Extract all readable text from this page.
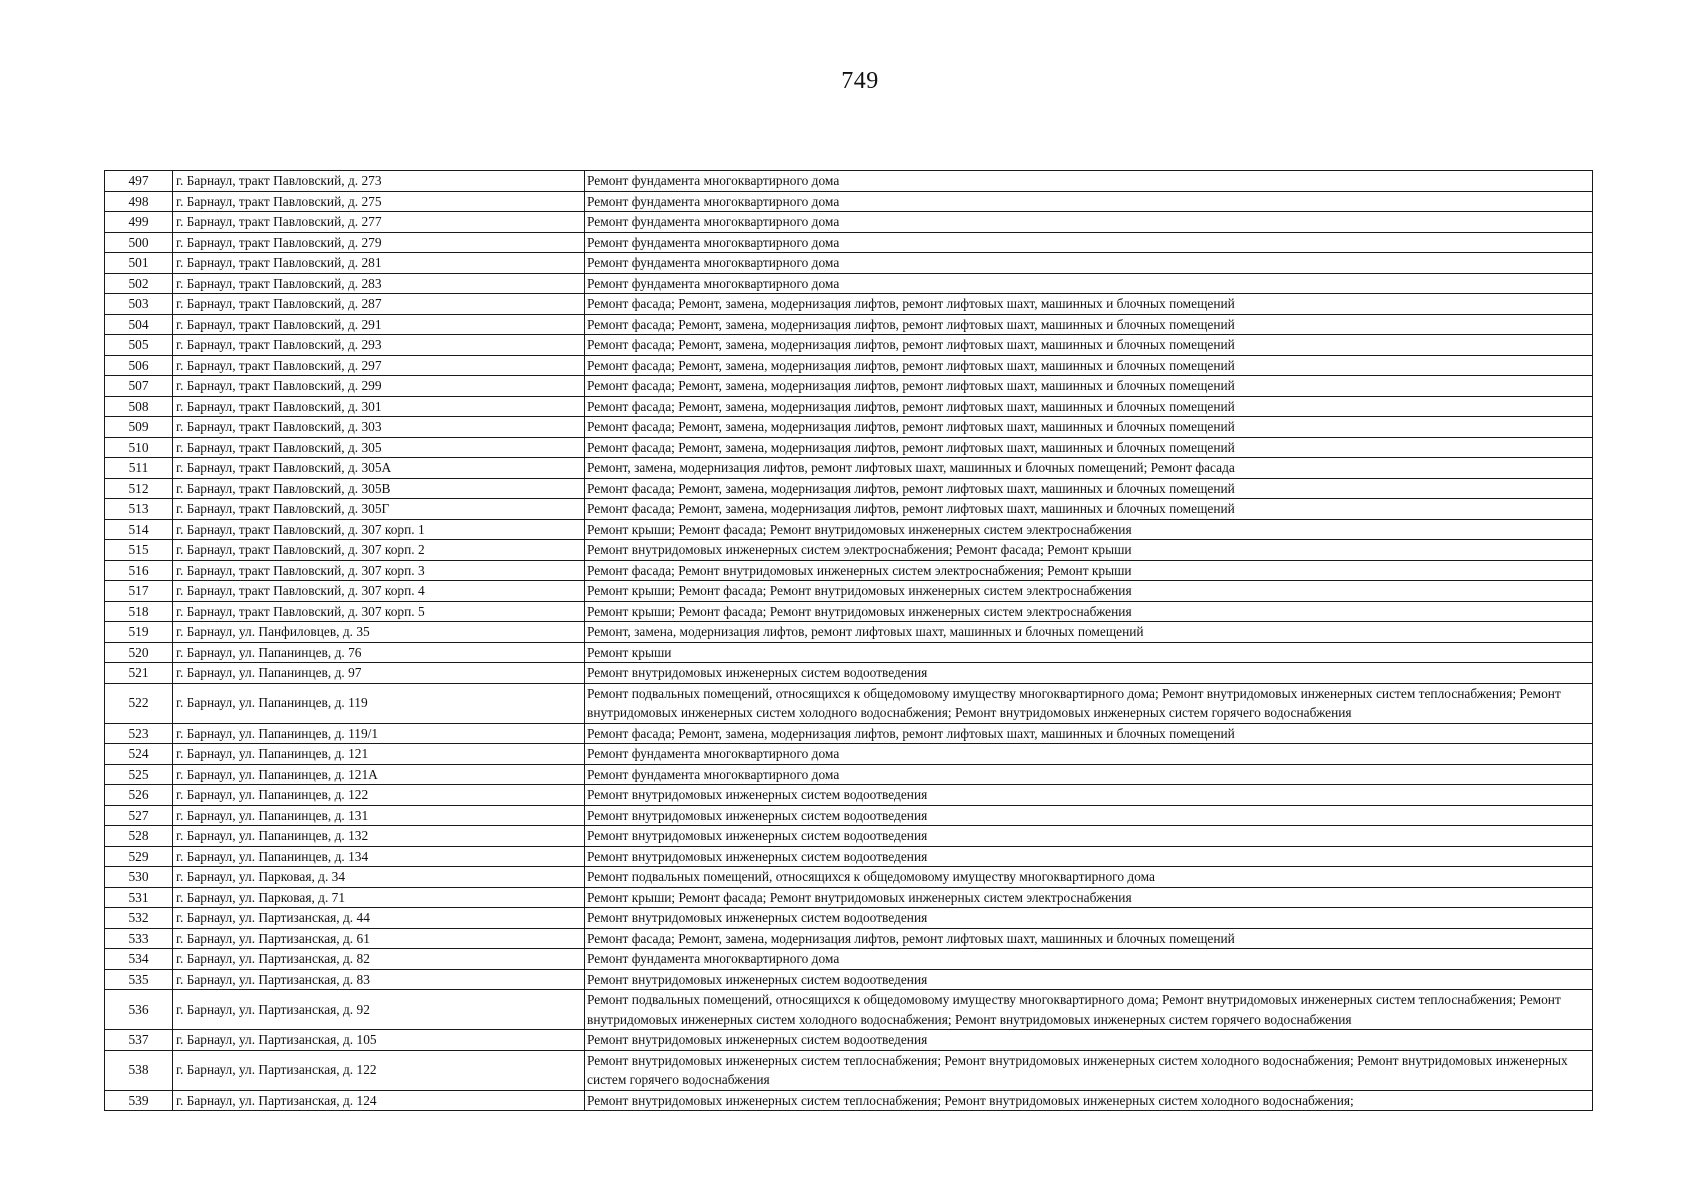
749
497	г. Барнаул, тракт Павловский, д. 273	Ремонт фундамента многоквартирного дома
498	г. Барнаул, тракт Павловский, д. 275	Ремонт фундамента многоквартирного дома
499	г. Барнаул, тракт Павловский, д. 277	Ремонт фундамента многоквартирного дома
500	г. Барнаул, тракт Павловский, д. 279	Ремонт фундамента многоквартирного дома
501	г. Барнаул, тракт Павловский, д. 281	Ремонт фундамента многоквартирного дома
502	г. Барнаул, тракт Павловский, д. 283	Ремонт фундамента многоквартирного дома
503	г. Барнаул, тракт Павловский, д. 287	Ремонт фасада; Ремонт, замена, модернизация лифтов, ремонт лифтовых шахт, машинных и блочных помещений
504	г. Барнаул, тракт Павловский, д. 291	Ремонт фасада; Ремонт, замена, модернизация лифтов, ремонт лифтовых шахт, машинных и блочных помещений
505	г. Барнаул, тракт Павловский, д. 293	Ремонт фасада; Ремонт, замена, модернизация лифтов, ремонт лифтовых шахт, машинных и блочных помещений
506	г. Барнаул, тракт Павловский, д. 297	Ремонт фасада; Ремонт, замена, модернизация лифтов, ремонт лифтовых шахт, машинных и блочных помещений
507	г. Барнаул, тракт Павловский, д. 299	Ремонт фасада; Ремонт, замена, модернизация лифтов, ремонт лифтовых шахт, машинных и блочных помещений
508	г. Барнаул, тракт Павловский, д. 301	Ремонт фасада; Ремонт, замена, модернизация лифтов, ремонт лифтовых шахт, машинных и блочных помещений
509	г. Барнаул, тракт Павловский, д. 303	Ремонт фасада; Ремонт, замена, модернизация лифтов, ремонт лифтовых шахт, машинных и блочных помещений
510	г. Барнаул, тракт Павловский, д. 305	Ремонт фасада; Ремонт, замена, модернизация лифтов, ремонт лифтовых шахт, машинных и блочных помещений
511	г. Барнаул, тракт Павловский, д. 305А	Ремонт, замена, модернизация лифтов, ремонт лифтовых шахт, машинных и блочных помещений; Ремонт фасада
512	г. Барнаул, тракт Павловский, д. 305В	Ремонт фасада; Ремонт, замена, модернизация лифтов, ремонт лифтовых шахт, машинных и блочных помещений
513	г. Барнаул, тракт Павловский, д. 305Г	Ремонт фасада; Ремонт, замена, модернизация лифтов, ремонт лифтовых шахт, машинных и блочных помещений
514	г. Барнаул, тракт Павловский, д. 307 корп. 1	Ремонт крыши; Ремонт фасада; Ремонт внутридомовых инженерных систем электроснабжения
515	г. Барнаул, тракт Павловский, д. 307 корп. 2	Ремонт внутридомовых инженерных систем электроснабжения; Ремонт фасада; Ремонт крыши
516	г. Барнаул, тракт Павловский, д. 307 корп. 3	Ремонт фасада; Ремонт внутридомовых инженерных систем электроснабжения; Ремонт крыши
517	г. Барнаул, тракт Павловский, д. 307 корп. 4	Ремонт крыши; Ремонт фасада; Ремонт внутридомовых инженерных систем электроснабжения
518	г. Барнаул, тракт Павловский, д. 307 корп. 5	Ремонт крыши; Ремонт фасада; Ремонт внутридомовых инженерных систем электроснабжения
519	г. Барнаул, ул. Панфиловцев, д. 35	Ремонт, замена, модернизация лифтов, ремонт лифтовых шахт, машинных и блочных помещений
520	г. Барнаул, ул. Папанинцев, д. 76	Ремонт крыши
521	г. Барнаул, ул. Папанинцев, д. 97	Ремонт внутридомовых инженерных систем водоотведения
522	г. Барнаул, ул. Папанинцев, д. 119	Ремонт подвальных помещений, относящихся к общедомовому имуществу многоквартирного дома; Ремонт внутридомовых инженерных систем теплоснабжения; Ремонт внутридомовых инженерных систем холодного водоснабжения; Ремонт внутридомовых инженерных систем горячего водоснабжения
523	г. Барнаул, ул. Папанинцев, д. 119/1	Ремонт фасада; Ремонт, замена, модернизация лифтов, ремонт лифтовых шахт, машинных и блочных помещений
524	г. Барнаул, ул. Папанинцев, д. 121	Ремонт фундамента многоквартирного дома
525	г. Барнаул, ул. Папанинцев, д. 121А	Ремонт фундамента многоквартирного дома
526	г. Барнаул, ул. Папанинцев, д. 122	Ремонт внутридомовых инженерных систем водоотведения
527	г. Барнаул, ул. Папанинцев, д. 131	Ремонт внутридомовых инженерных систем водоотведения
528	г. Барнаул, ул. Папанинцев, д. 132	Ремонт внутридомовых инженерных систем водоотведения
529	г. Барнаул, ул. Папанинцев, д. 134	Ремонт внутридомовых инженерных систем водоотведения
530	г. Барнаул, ул. Парковая, д. 34	Ремонт подвальных помещений, относящихся к общедомовому имуществу многоквартирного дома
531	г. Барнаул, ул. Парковая, д. 71	Ремонт крыши; Ремонт фасада; Ремонт внутридомовых инженерных систем электроснабжения
532	г. Барнаул, ул. Партизанская, д. 44	Ремонт внутридомовых инженерных систем водоотведения
533	г. Барнаул, ул. Партизанская, д. 61	Ремонт фасада; Ремонт, замена, модернизация лифтов, ремонт лифтовых шахт, машинных и блочных помещений
534	г. Барнаул, ул. Партизанская, д. 82	Ремонт фундамента многоквартирного дома
535	г. Барнаул, ул. Партизанская, д. 83	Ремонт внутридомовых инженерных систем водоотведения
536	г. Барнаул, ул. Партизанская, д. 92	Ремонт подвальных помещений, относящихся к общедомовому имуществу многоквартирного дома; Ремонт внутридомовых инженерных систем теплоснабжения; Ремонт внутридомовых инженерных систем холодного водоснабжения; Ремонт внутридомовых инженерных систем горячего водоснабжения
537	г. Барнаул, ул. Партизанская, д. 105	Ремонт внутридомовых инженерных систем водоотведения
538	г. Барнаул, ул. Партизанская, д. 122	Ремонт внутридомовых инженерных систем теплоснабжения; Ремонт внутридомовых инженерных систем холодного водоснабжения; Ремонт внутридомовых инженерных систем горячего водоснабжения
539	г. Барнаул, ул. Партизанская, д. 124	Ремонт внутридомовых инженерных систем теплоснабжения; Ремонт внутридомовых инженерных систем холодного водоснабжения;
